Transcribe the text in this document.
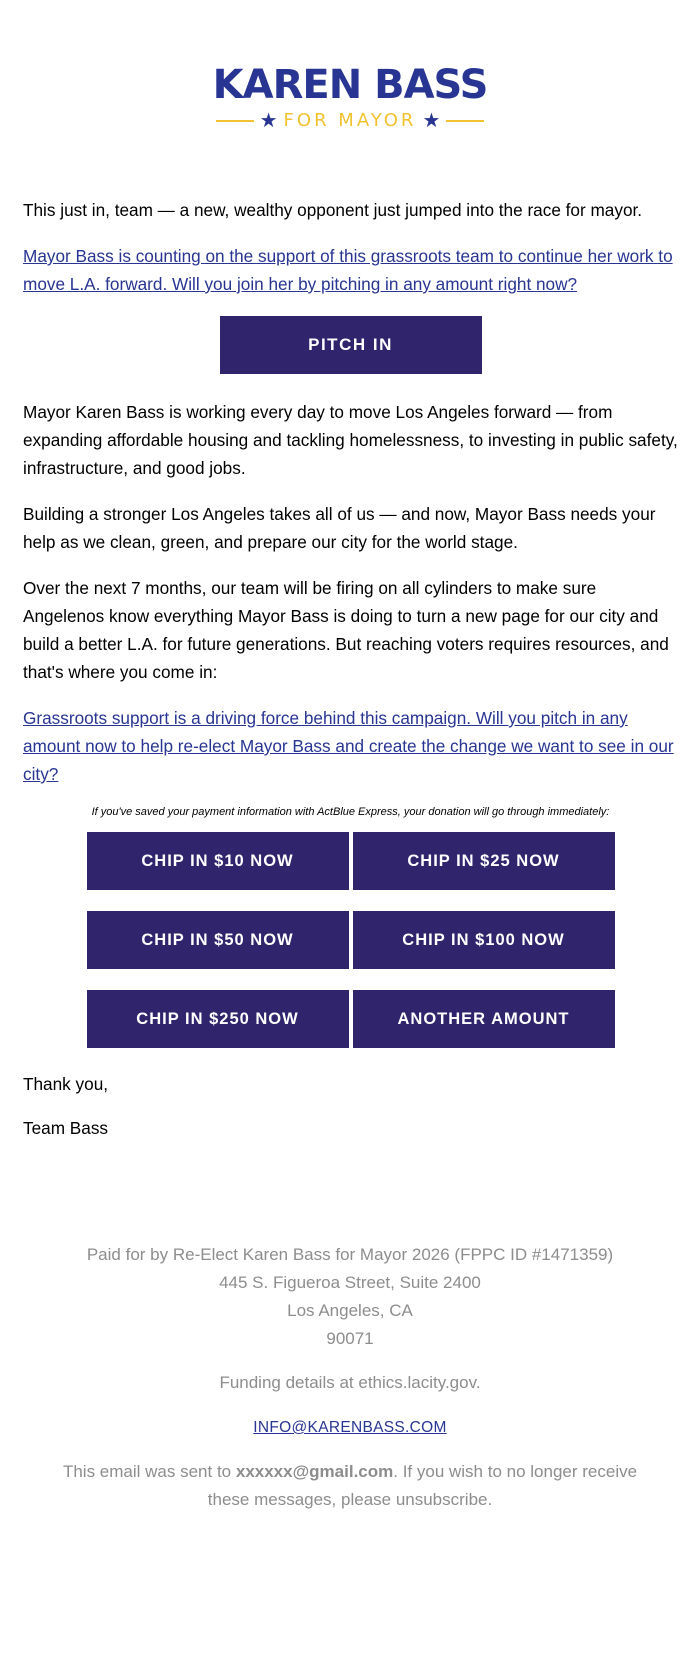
KAREN BASS
★ FOR MAYOR ★

This just in, team — a new, wealthy opponent just jumped into the race for mayor.

Mayor Bass is counting on the support of this grassroots team to continue her work to move L.A. forward. Will you join her by pitching in any amount right now?

PITCH IN

Mayor Karen Bass is working every day to move Los Angeles forward — from expanding affordable housing and tackling homelessness, to investing in public safety, infrastructure, and good jobs.

Building a stronger Los Angeles takes all of us — and now, Mayor Bass needs your help as we clean, green, and prepare our city for the world stage.

Over the next 7 months, our team will be firing on all cylinders to make sure Angelenos know everything Mayor Bass is doing to turn a new page for our city and build a better L.A. for future generations. But reaching voters requires resources, and that's where you come in:

Grassroots support is a driving force behind this campaign. Will you pitch in any amount now to help re-elect Mayor Bass and create the change we want to see in our city?

If you've saved your payment information with ActBlue Express, your donation will go through immediately:
CHIP IN $10 NOW	CHIP IN $25 NOW
CHIP IN $50 NOW	CHIP IN $100 NOW
CHIP IN $250 NOW	ANOTHER AMOUNT

Thank you,

Team Bass

Paid for by Re-Elect Karen Bass for Mayor 2026 (FPPC ID #1471359)
445 S. Figueroa Street, Suite 2400
Los Angeles, CA
90071
Funding details at ethics.lacity.gov.
INFO@KARENBASS.COM
This email was sent to xxxxxx@gmail.com. If you wish to no longer receive these messages, please unsubscribe.
